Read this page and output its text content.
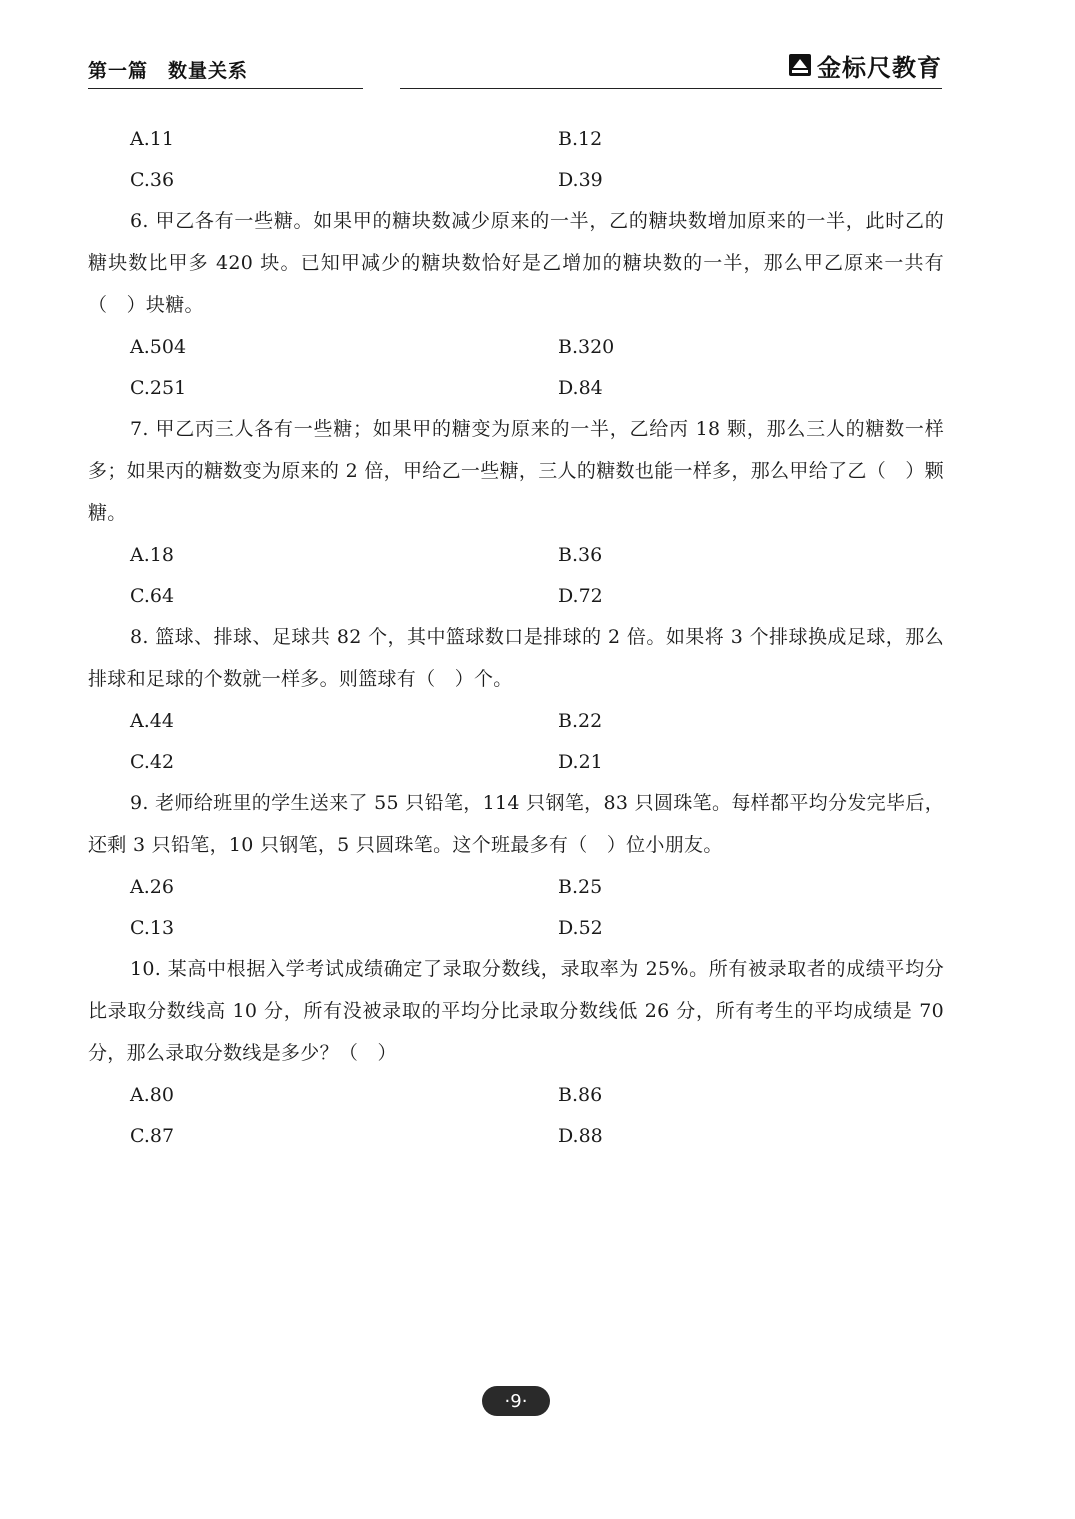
第一篇　数量关系	金标尺教育
A.11	B.12
C.36	D.39

6. 甲乙各有一些糖。如果甲的糖块数减少原来的一半，乙的糖块数增加原来的一半，此时乙的糖块数比甲多 420 块。已知甲减少的糖块数恰好是乙增加的糖块数的一半，那么甲乙原来一共有（　）块糖。

A.504	B.320
C.251	D.84

7. 甲乙丙三人各有一些糖；如果甲的糖变为原来的一半，乙给丙 18 颗，那么三人的糖数一样多；如果丙的糖数变为原来的 2 倍，甲给乙一些糖，三人的糖数也能一样多，那么甲给了乙（　）颗糖。

A.18	B.36
C.64	D.72

8. 篮球、排球、足球共 82 个，其中篮球数口是排球的 2 倍。如果将 3 个排球换成足球，那么排球和足球的个数就一样多。则篮球有（　）个。

A.44	B.22
C.42	D.21

9. 老师给班里的学生送来了 55 只铅笔，114 只钢笔，83 只圆珠笔。每样都平均分发完毕后，还剩 3 只铅笔，10 只钢笔，5 只圆珠笔。这个班最多有（　）位小朋友。

A.26	B.25
C.13	D.52

10. 某高中根据入学考试成绩确定了录取分数线，录取率为 25%。所有被录取者的成绩平均分比录取分数线高 10 分，所有没被录取的平均分比录取分数线低 26 分，所有考生的平均成绩是 70 分，那么录取分数线是多少？（　）

A.80	B.86
C.87	D.88
·9·
